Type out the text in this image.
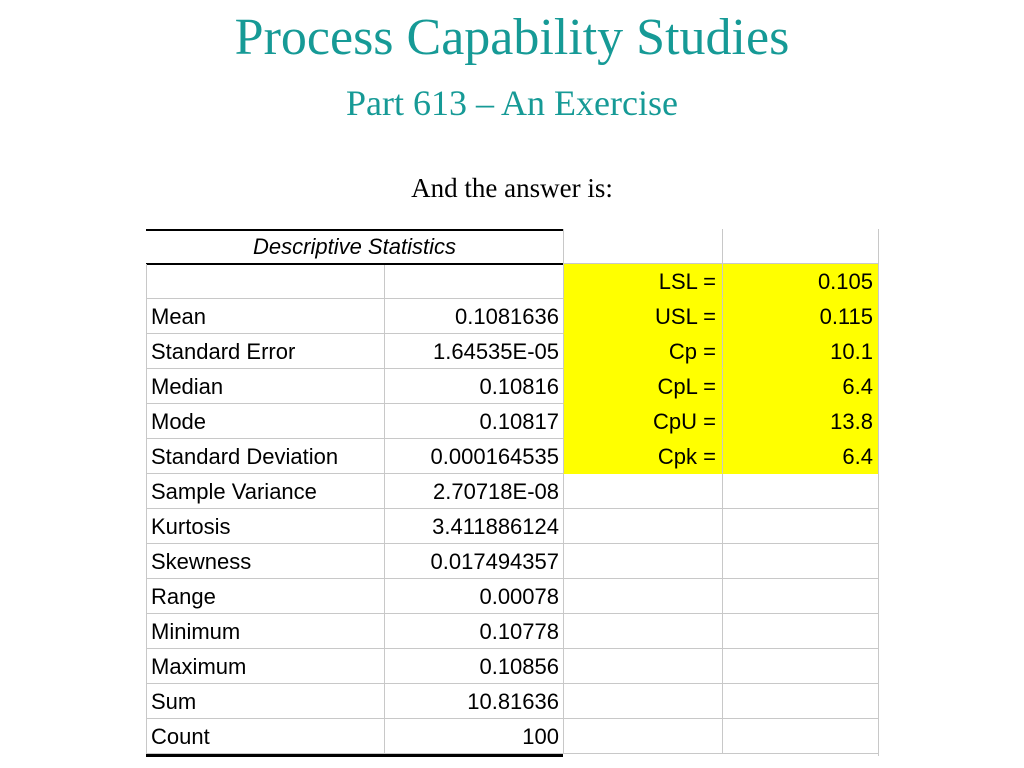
Process Capability Studies
Part 613 – An Exercise
And the answer is:
Descriptive Statistics
Mean	0.1081636
Standard Error	1.64535E-05
Median	0.10816
Mode	0.10817
Standard Deviation	0.000164535
Sample Variance	2.70718E-08
Kurtosis	3.411886124
Skewness	0.017494357
Range	0.00078
Minimum	0.10778
Maximum	0.10856
Sum	10.81636
Count	100
LSL =	0.105
USL =	0.115
Cp =	10.1
CpL =	6.4
CpU =	13.8
Cpk =	6.4
